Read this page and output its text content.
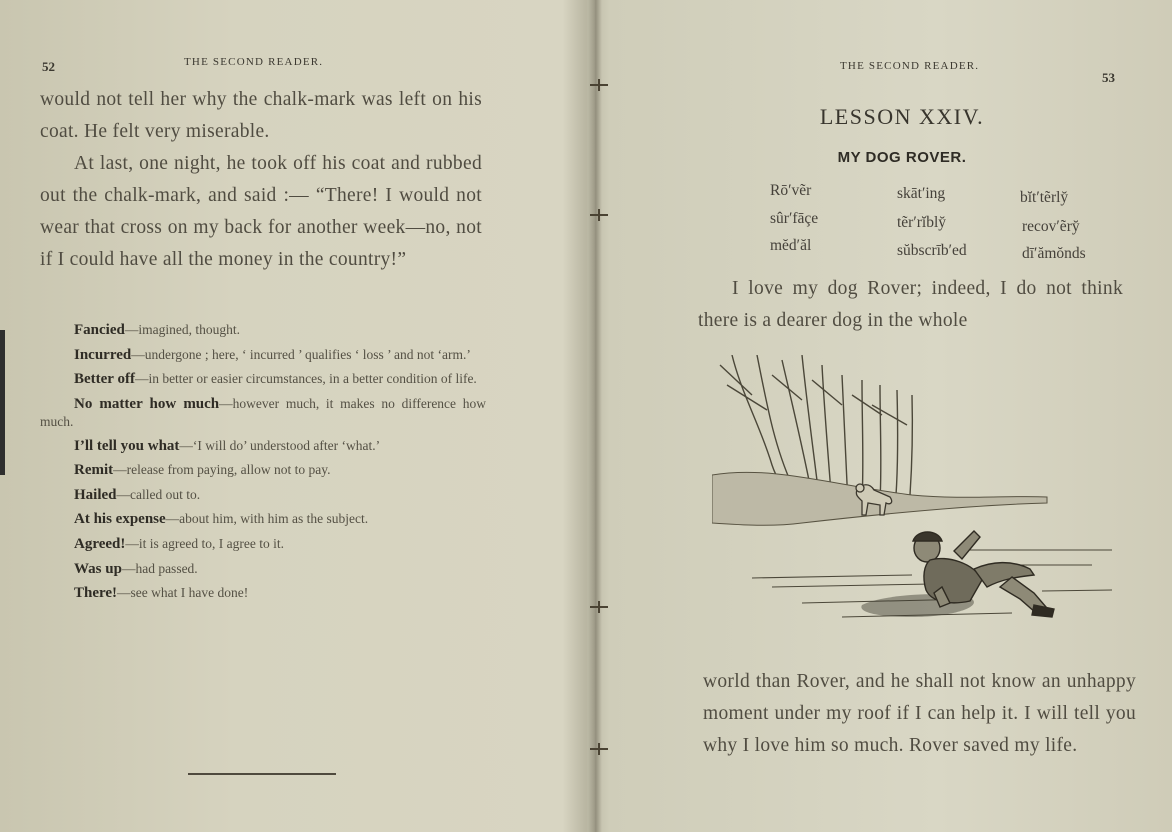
52	THE SECOND READER.

would not tell her why the chalk-mark was left on his coat. He felt very miserable.

At last, one night, he took off his coat and rubbed out the chalk-mark, and said :— “There! I would not wear that cross on my back for another week—no, not if I could have all the money in the country!”

Fancied—imagined, thought.

Incurred—undergone ; here, ‘ incurred ’ qualifies ‘ loss ’ and not ‘arm.’

Better off—in better or easier circumstances, in a better condition of life.

No matter how much—however much, it makes no difference how much.

I’ll tell you what—‘I will do’ understood after ‘what.’

Remit—release from paying, allow not to pay.

Hailed—called out to.

At his expense—about him, with him as the subject.

Agreed!—it is agreed to, I agree to it.

Was up—had passed.

There!—see what I have done!

THE SECOND READER.
53
LESSON XXIV.
MY DOG ROVER.
Rō′vẽr	skāt′ing	bĭt′tẽrly̆
sûr′fāçe	tẽr′rĭbly̆	recov′ẽry̆
mĕd′ăl	sŭbscrīb′ed	dī′ămŏnds

I love my dog Rover; indeed, I do not think there is a dearer dog in the whole

world than Rover, and he shall not know an unhappy moment under my roof if I can help it. I will tell you why I love him so much. Rover saved my life.
